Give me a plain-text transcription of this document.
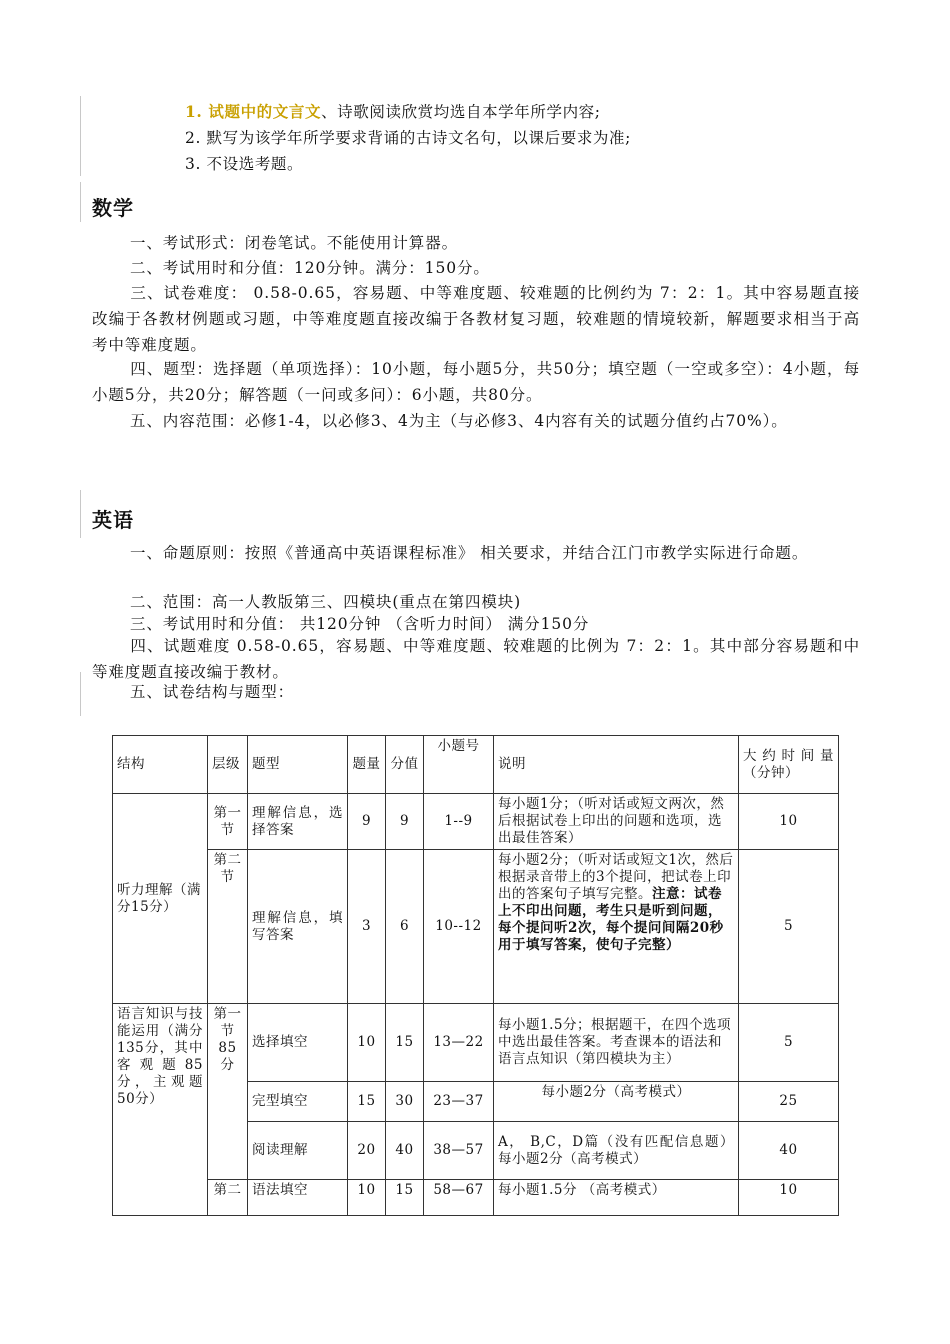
1. 试题中的文言文、诗歌阅读欣赏均选自本学年所学内容;
2. 默写为该学年所学要求背诵的古诗文名句，以课后要求为准;
3. 不设选考题。
数学
一、考试形式：闭卷笔试。不能使用计算器。
二、考试用时和分值：120分钟。满分：150分。
三、试卷难度： 0.58-0.65，容易题、中等难度题、较难题的比例约为 7：2：1。其中容易题直接改编于各教材例题或习题，中等难度题直接改编于各教材复习题，较难题的情境较新，解题要求相当于高考中等难度题。
四、题型：选择题（单项选择）：10小题，每小题5分，共50分；填空题（一空或多空）：4小题，每小题5分，共20分；解答题（一问或多问）：6小题，共80分。
五、内容范围：必修1-4，以必修3、4为主（与必修3、4内容有关的试题分值约占70%）。
英语
一、命题原则：按照《普通高中英语课程标准》 相关要求，并结合江门市教学实际进行命题。
二、范围：高一人教版第三、四模块(重点在第四模块)
三、考试用时和分值： 共120分钟 （含听力时间） 满分150分
四、试题难度 0.58-0.65，容易题、中等难度题、较难题的比例为 7：2：1。其中部分容易题和中等难度题直接改编于教材。
五、试卷结构与题型：
结构	层级	题型	题量	分值	小题号	说明	大约时间量（分钟）
听力理解（满分15分）	第一节	理解信息，选择答案	9	9	1--9	每小题1分；（听对话或短文两次，然后根据试卷上印出的问题和选项，选出最佳答案）	10
	第二节	理解信息，填写答案	3	6	10--12	每小题2分；（听对话或短文1次，然后根据录音带上的3个提问，把试卷上印出的答案句子填写完整。注意：试卷上不印出问题，考生只是听到问题，每个提问听2次，每个提问间隔20秒用于填写答案，使句子完整）	5
语言知识与技能运用（满分135分，其中客观题85分，主观题50分）	第一节85分	选择填空	10	15	13—22	每小题1.5分；根据题干，在四个选项中选出最佳答案。考查课本的语法和语言点知识（第四模块为主）	5
		完型填空	15	30	23—37	每小题2分（高考模式）	25
		阅读理解	20	40	38—57	A， B,C，D篇（没有匹配信息题） 每小题2分（高考模式）	40
	第二	语法填空	10	15	58—67	每小题1.5分 （高考模式）	10
